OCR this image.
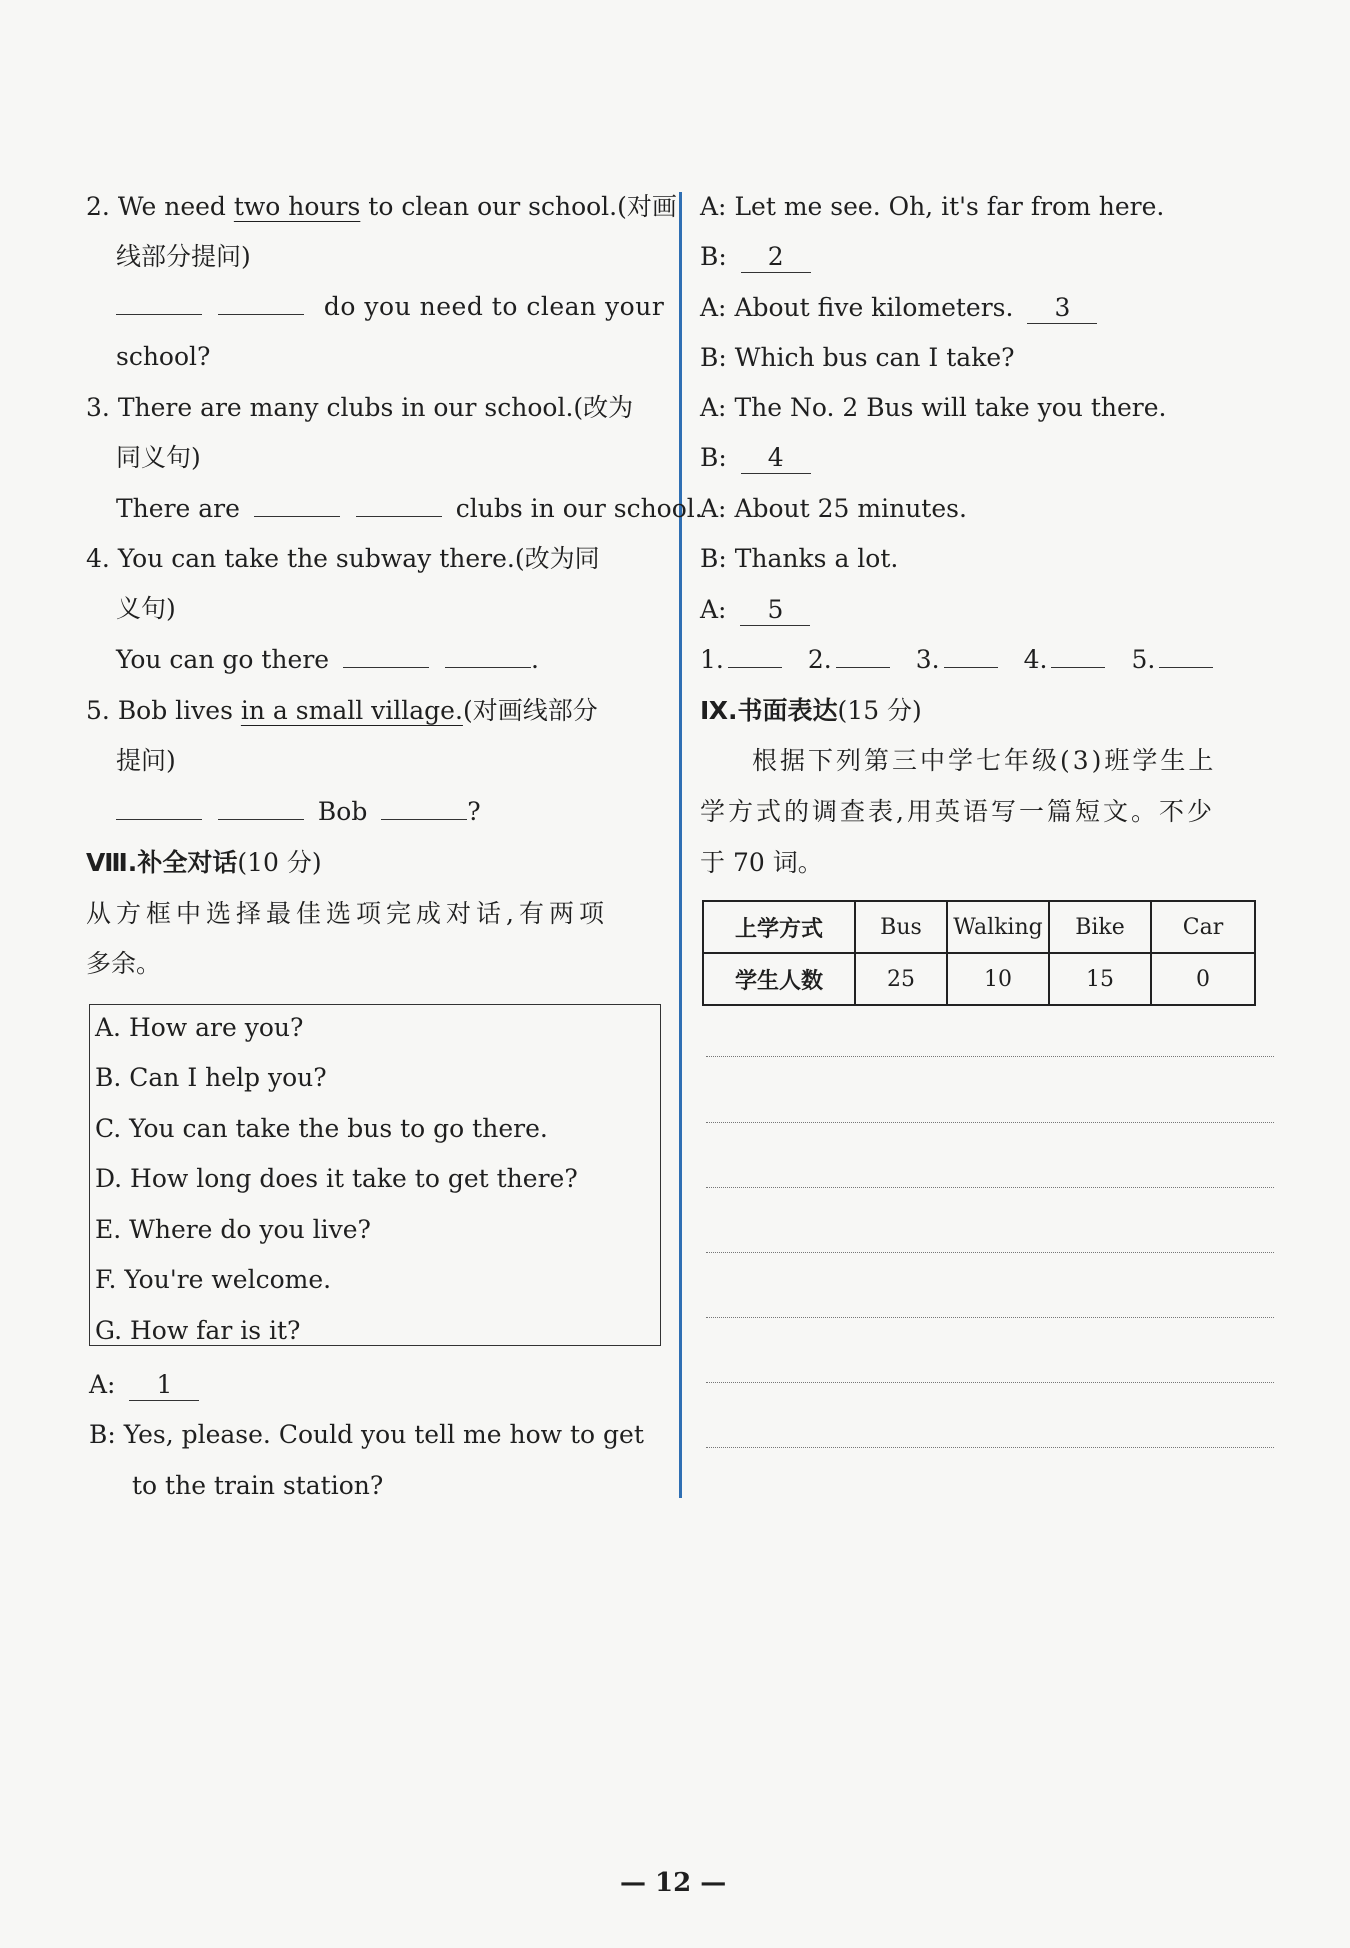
2. We need two hours to clean our school.(对画
线部分提问)
do you need to clean your
school?
3. There are many clubs in our school.(改为
同义句)
There are	clubs in our school.
4. You can take the subway there.(改为同
义句)
You can go there	.
5. Bob lives in a small village.(对画线部分
提问)
Bob	?
Ⅷ.补全对话(10 分)
从方框中选择最佳选项完成对话,有两项
多余。
A. How are you?
B. Can I help you?
C. You can take the bus to go there.
D. How long does it take to get there?
E. Where do you live?
F. You're welcome.
G. How far is it?
A: 1
B: Yes, please. Could you tell me how to get
to the train station?
A: Let me see. Oh, it's far from here.
B: 2
A: About five kilometers. 3
B: Which bus can I take?
A: The No. 2 Bus will take you there.
B: 4
A: About 25 minutes.
B: Thanks a lot.
A: 5
1.	2.	3.	4.	5.
Ⅸ.书面表达(15 分)
根据下列第三中学七年级(3)班学生上
学方式的调查表,用英语写一篇短文。不少
于 70 词。
上学方式	Bus	Walking	Bike	Car
学生人数	25	10	15	0
— 12 —
